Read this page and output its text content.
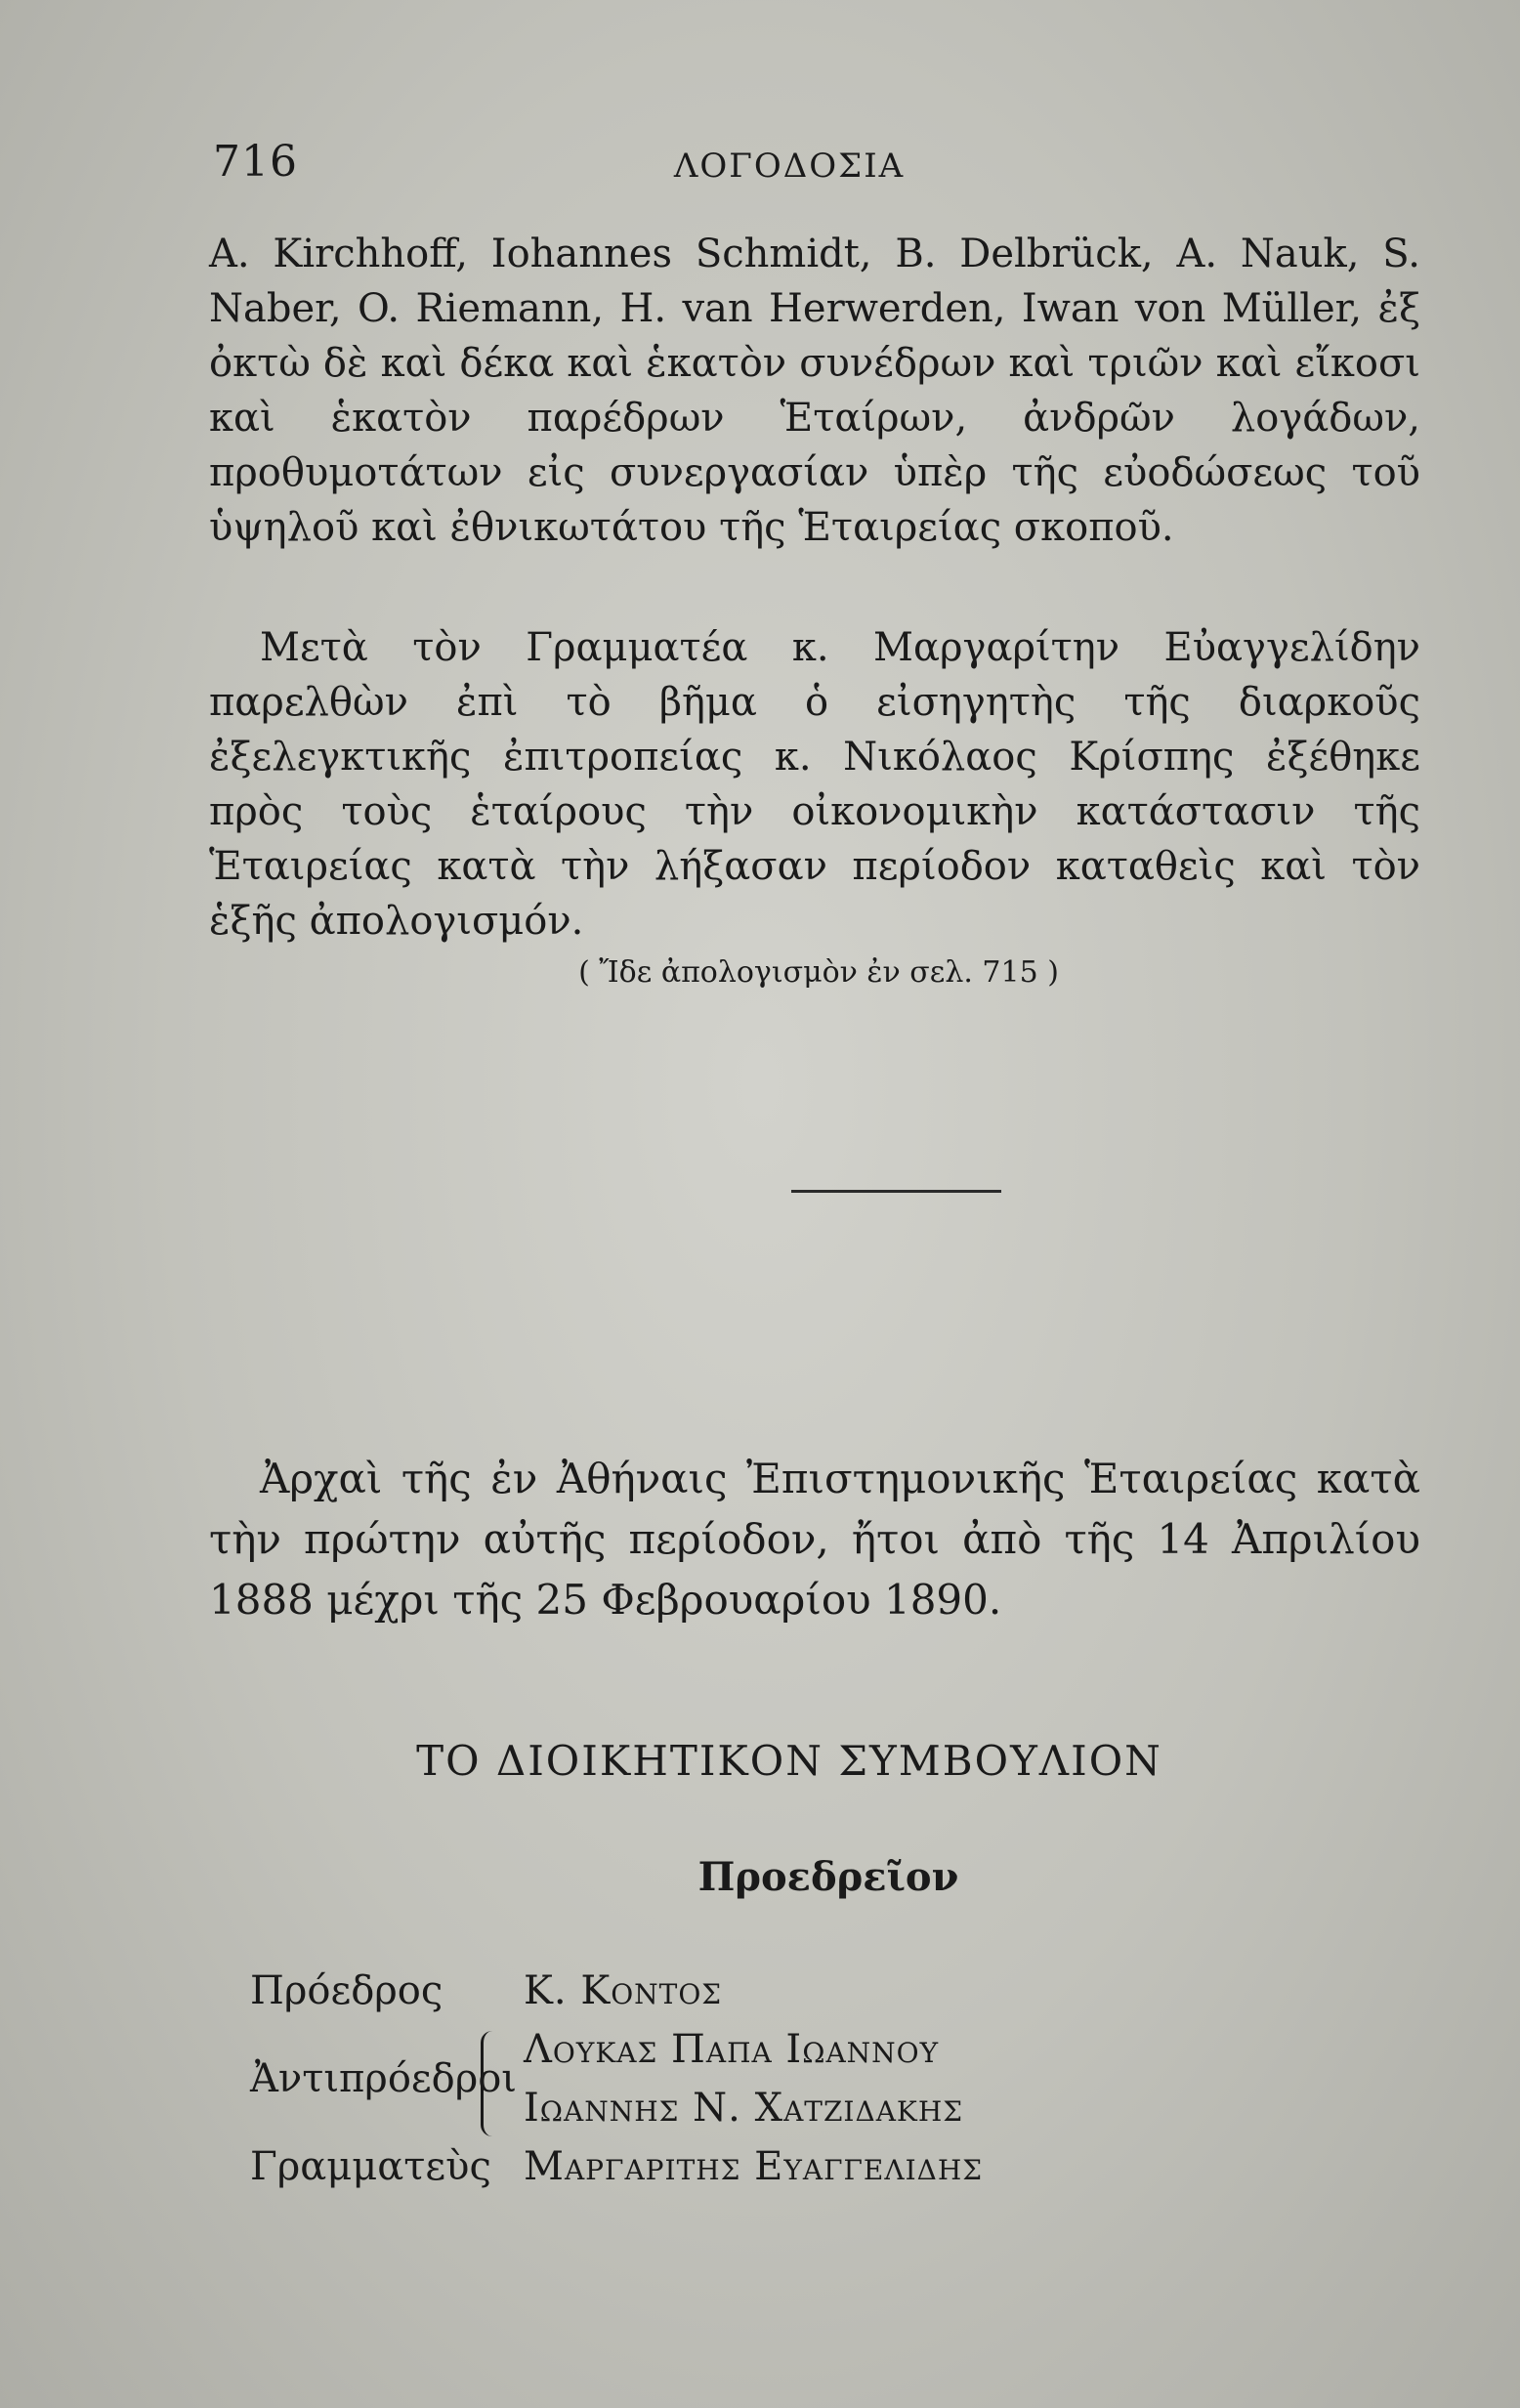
716	ΛΟΓΟΔΟΣΙΑ

A. Kirchhoff, Iohannes Schmidt, B. Delbrück, A. Nauk, S. Naber, O. Riemann, H. van Herwerden, Iwan von Müller, ἐξ ὀκτὼ δὲ καὶ δέκα καὶ ἑκατὸν συνέδρων καὶ τριῶν καὶ εἴκοσι καὶ ἑκατὸν παρέδρων Ἑταίρων, ἀνδρῶν λογάδων, προθυμοτάτων εἰς συνεργασίαν ὑπὲρ τῆς εὐοδώσεως τοῦ ὑψηλοῦ καὶ ἐθνικωτάτου τῆς Ἑταιρείας σκοποῦ.

Μετὰ τὸν Γραμματέα κ. Μαργαρίτην Εὐαγγελίδην παρελθὼν ἐπὶ τὸ βῆμα ὁ εἰσηγητὴς τῆς διαρκοῦς ἐξελεγκτικῆς ἐπιτροπείας κ. Νικόλαος Κρίσπης ἐξέθηκε πρὸς τοὺς ἑταίρους τὴν οἰκονομικὴν κατάστασιν τῆς Ἑταιρείας κατὰ τὴν λήξασαν περίοδον καταθεὶς καὶ τὸν ἑξῆς ἀπολογισμόν.

( Ἴδε ἀπολογισμὸν ἐν σελ. 715 )

Ἀρχαὶ τῆς ἐν Ἀθήναις Ἐπιστημονικῆς Ἑταιρείας κατὰ τὴν πρώτην αὐτῆς περίοδον, ἤτοι ἀπὸ τῆς 14 Ἀπριλίου 1888 μέχρι τῆς 25 Φεβρουαρίου 1890.

ΤΟ ΔΙΟΙΚΗΤΙΚΟΝ ΣΥΜΒΟΥΛΙΟΝ
Προεδρεῖον
Πρόεδρος Κ. Κοντος
Ἀντιπρόεδροι
Λουκας Παπα Ιωαννου
Ιωαννης Ν. Χατζιδακης
Γραμματεὺς Μαργαριτης Ευαγγελιδης
